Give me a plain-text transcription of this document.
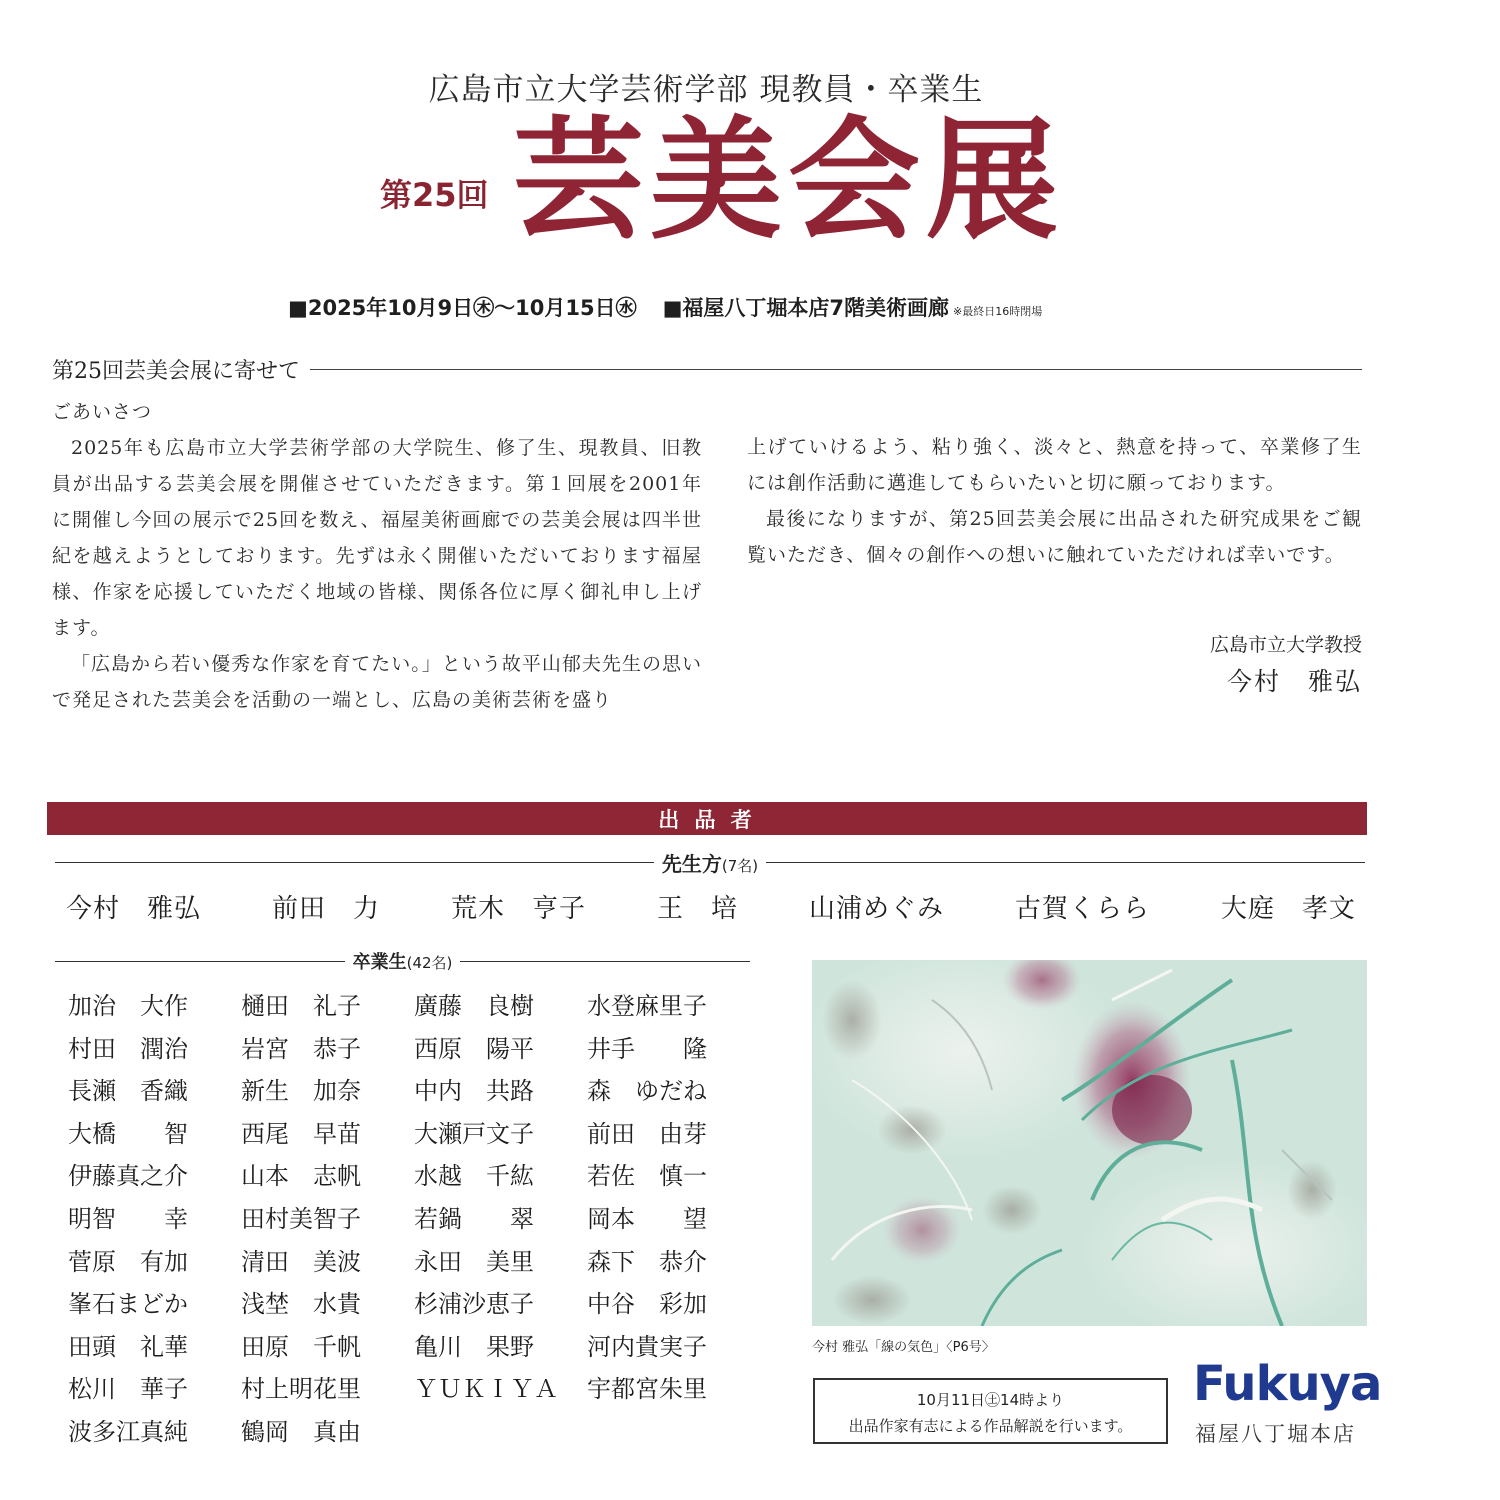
広島市立大学芸術学部 現教員・卒業生
第25回 芸美会展
■2025年10月9日㊍〜10月15日㊌ ■福屋八丁堀本店7階美術画廊 ※最終日16時閉場
第25回芸美会展に寄せて

ごあいさつ

2025年も広島市立大学芸術学部の大学院生、修了生、現教員、旧教員が出品する芸美会展を開催させていただきます。第１回展を2001年に開催し今回の展示で25回を数え、福屋美術画廊での芸美会展は四半世紀を越えようとしております。先ずは永く開催いただいております福屋様、作家を応援していただく地域の皆様、関係各位に厚く御礼申し上げます。

「広島から若い優秀な作家を育てたい。」という故平山郁夫先生の思いで発足された芸美会を活動の一端とし、広島の美術芸術を盛り

上げていけるよう、粘り強く、淡々と、熱意を持って、卒業修了生には創作活動に邁進してもらいたいと切に願っております。

最後になりますが、第25回芸美会展に出品された研究成果をご観覧いただき、個々の創作への想いに触れていただければ幸いです。

広島市立大学教授
今村　雅弘
出 品 者
先生方(7名)
今村　雅弘	前田　力	荒木　亨子	王　培	山浦めぐみ	古賀くらら	大庭　孝文
卒業生(42名)
加治　大作	樋田　礼子	廣藤　良樹	水登麻里子
村田　潤治	岩宮　恭子	西原　陽平	井手　　隆
長瀬　香織	新生　加奈	中内　共路	森　ゆだね
大橋　　智	西尾　早苗	大瀬戸文子	前田　由芽
伊藤真之介	山本　志帆	水越　千紘	若佐　慎一
明智　　幸	田村美智子	若鍋　　翠	岡本　　望
菅原　有加	清田　美波	永田　美里	森下　恭介
峯石まどか	浅埜　水貴	杉浦沙恵子	中谷　彩加
田頭　礼華	田原　千帆	亀川　果野	河内貴実子
松川　華子	村上明花里	ＹＵＫＩＹＡ	宇都宮朱里
波多江真純	鶴岡　真由
今村 雅弘「線の気色」〈P6号〉
10月11日㊏14時より
出品作家有志による作品解説を行います。
Fukuya
福屋八丁堀本店
